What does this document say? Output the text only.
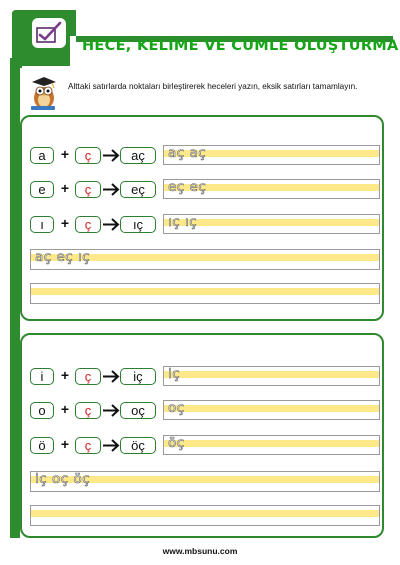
HECE, KELİME VE CÜMLE OLUŞTURMA
Alttaki satırlarda noktaları birleştirerek heceleri yazın, eksik satırları tamamlayın.
a	+	ç	aç	aç aç
e	+	ç	eç	eç eç
ı	+	ç	ıç	ıç ıç
aç eç ıç
i	+	ç	iç	iç
o	+	ç	oç	oç
ö	+	ç	öç	öç
iç oç öç
www.mbsunu.com
